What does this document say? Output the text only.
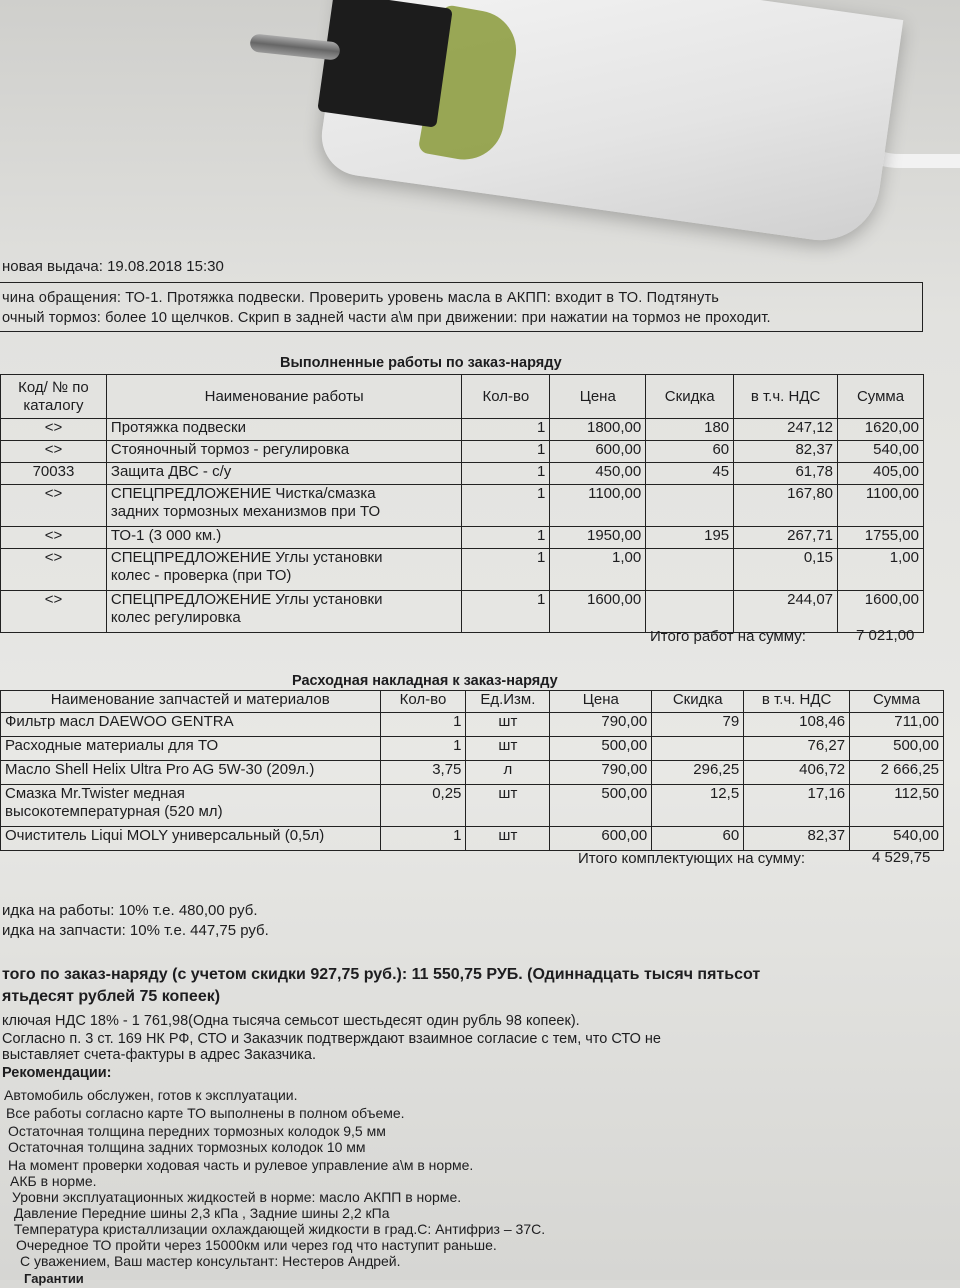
новая выдача: 19.08.2018 15:30
чина обращения: ТО-1. Протяжка подвески. Проверить уровень масла в АКПП: входит в ТО. Подтянуть
очный тормоз: более 10 щелчков. Скрип в задней части а\м при движении: при нажатии на тормоз не проходит.
Выполненные работы по заказ-наряду
Код/ № по
каталогу	Наименование работы	Кол-во	Цена	Скидка	в т.ч. НДС	Сумма
<>	Протяжка подвески	1	1800,00	180	247,12	1620,00
<>	Стояночный тормоз - регулировка	1	600,00	60	82,37	540,00
70033	Защита ДВС - с/у	1	450,00	45	61,78	405,00
<>	СПЕЦПРЕДЛОЖЕНИЕ Чистка/смазка
задних тормозных механизмов при ТО	1	1100,00		167,80	1100,00
<>	ТО-1 (3 000 км.)	1	1950,00	195	267,71	1755,00
<>	СПЕЦПРЕДЛОЖЕНИЕ Углы установки
колес - проверка (при ТО)	1	1,00		0,15	1,00
<>	СПЕЦПРЕДЛОЖЕНИЕ Углы установки
колес регулировка	1	1600,00		244,07	1600,00
Итого работ на сумму:	7 021,00
Расходная накладная к заказ-наряду
Наименование запчастей и материалов	Кол-во	Ед.Изм.	Цена	Скидка	в т.ч. НДС	Сумма
Фильтр масл DAEWOO GENTRA	1	шт	790,00	79	108,46	711,00
Расходные материалы для ТО	1	шт	500,00		76,27	500,00
Масло Shell Helix Ultra Pro AG 5W-30 (209л.)	3,75	л	790,00	296,25	406,72	2 666,25
Смазка Mr.Twister медная
высокотемпературная (520 мл)	0,25	шт	500,00	12,5	17,16	112,50
Очиститель Liqui MOLY универсальный (0,5л)	1	шт	600,00	60	82,37	540,00
Итого комплектующих на сумму:	4 529,75
идка на работы: 10% т.е. 480,00 руб.
идка на запчасти: 10% т.е. 447,75 руб.
того по заказ-наряду (с учетом скидки 927,75 руб.): 11 550,75 РУБ. (Одиннадцать тысяч пятьсот
ятьдесят рублей 75 копеек)
ключая НДС 18% - 1 761,98(Одна тысяча семьсот шестьдесят один рубль 98 копеек).
Согласно п. 3 ст. 169 НК РФ, СТО и Заказчик подтверждают взаимное согласие с тем, что СТО не
выставляет счета-фактуры в адрес Заказчика.
Рекомендации:
Автомобиль обслужен, готов к эксплуатации.
Все работы согласно карте ТО выполнены в полном объеме.
Остаточная толщина передних тормозных колодок 9,5 мм
Остаточная толщина задних тормозных колодок 10 мм
На момент проверки ходовая часть и рулевое управление а\м в норме.
АКБ в норме.
Уровни эксплуатационных жидкостей в норме: масло АКПП в норме.
Давление Передние шины 2,3 кПа , Задние шины 2,2 кПа
Температура кристаллизации охлаждающей жидкости в град.С: Антифриз – 37С.
Очередное ТО пройти через 15000км или через год что наступит раньше.
С уважением, Ваш мастер консультант: Нестеров Андрей.
Гарантии
